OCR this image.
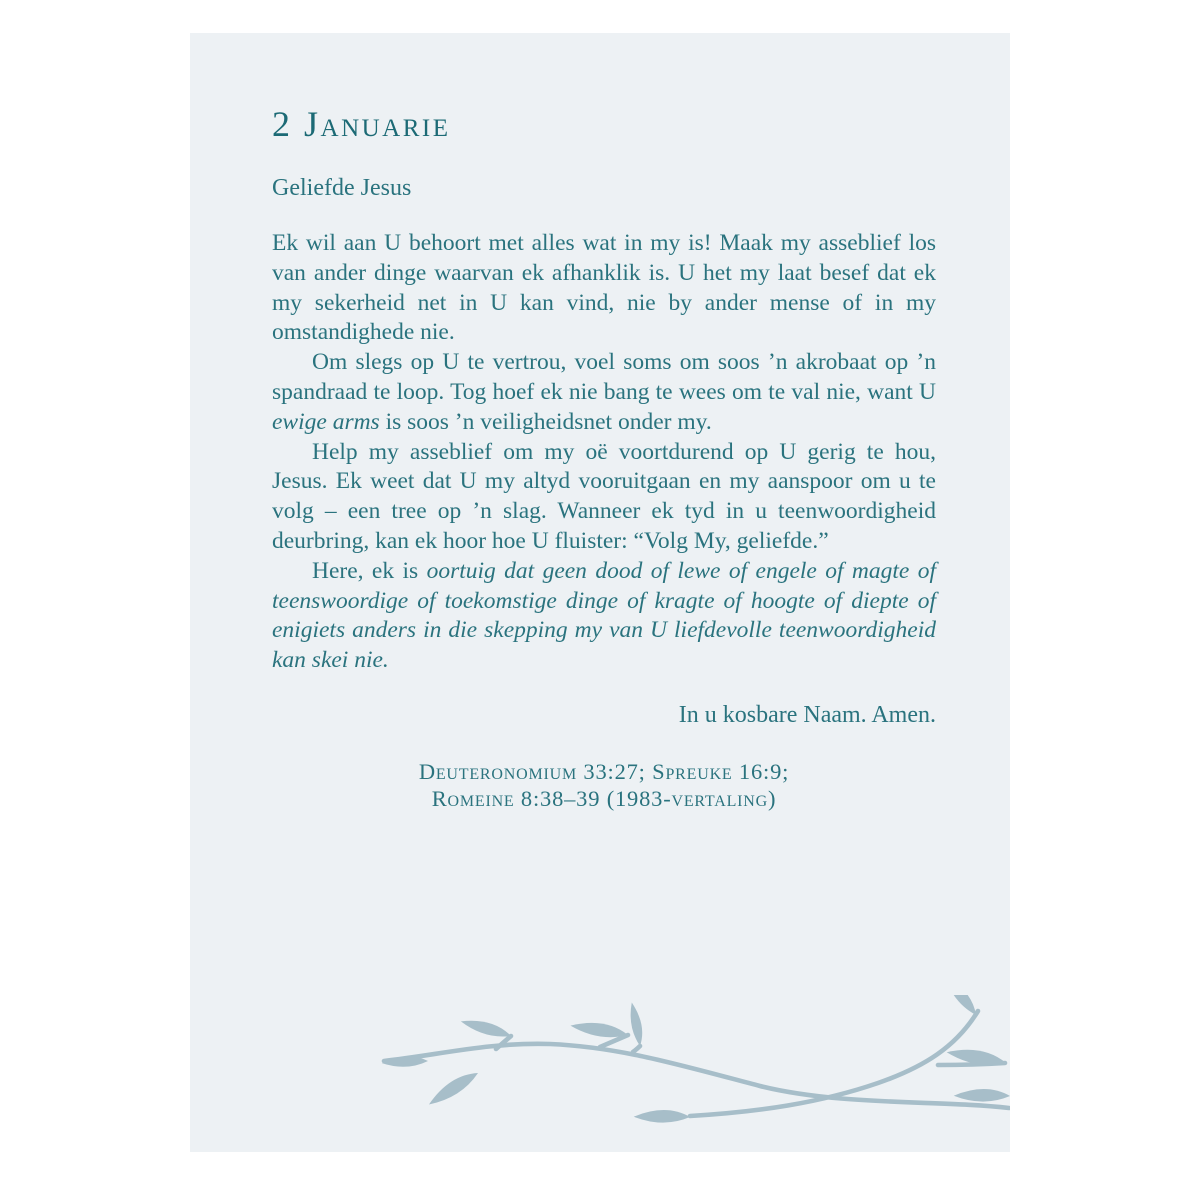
2 Januarie
Geliefde Jesus

Ek wil aan U behoort met alles wat in my is! Maak my asseblief los van ander dinge waarvan ek afhanklik is. U het my laat besef dat ek my sekerheid net in U kan vind, nie by ander mense of in my omstandighede nie.

Om slegs op U te vertrou, voel soms om soos ’n akrobaat op ’n spandraad te loop. Tog hoef ek nie bang te wees om te val nie, want U ewige arms is soos ’n veiligheidsnet onder my.

Help my asseblief om my oë voortdurend op U gerig te hou, Jesus. Ek weet dat U my altyd vooruitgaan en my aanspoor om u te volg – een tree op ’n slag. Wanneer ek tyd in u teenwoordigheid deurbring, kan ek hoor hoe U fluister: “Volg My, geliefde.”

Here, ek is oortuig dat geen dood of lewe of engele of magte of teenswoordige of toekomstige dinge of kragte of hoogte of diepte of enigiets anders in die skepping my van U liefdevolle teenwoordigheid kan skei nie.

In u kosbare Naam. Amen.
Deuteronomium 33:27; Spreuke 16:9;
Romeine 8:38–39 (1983-vertaling)
